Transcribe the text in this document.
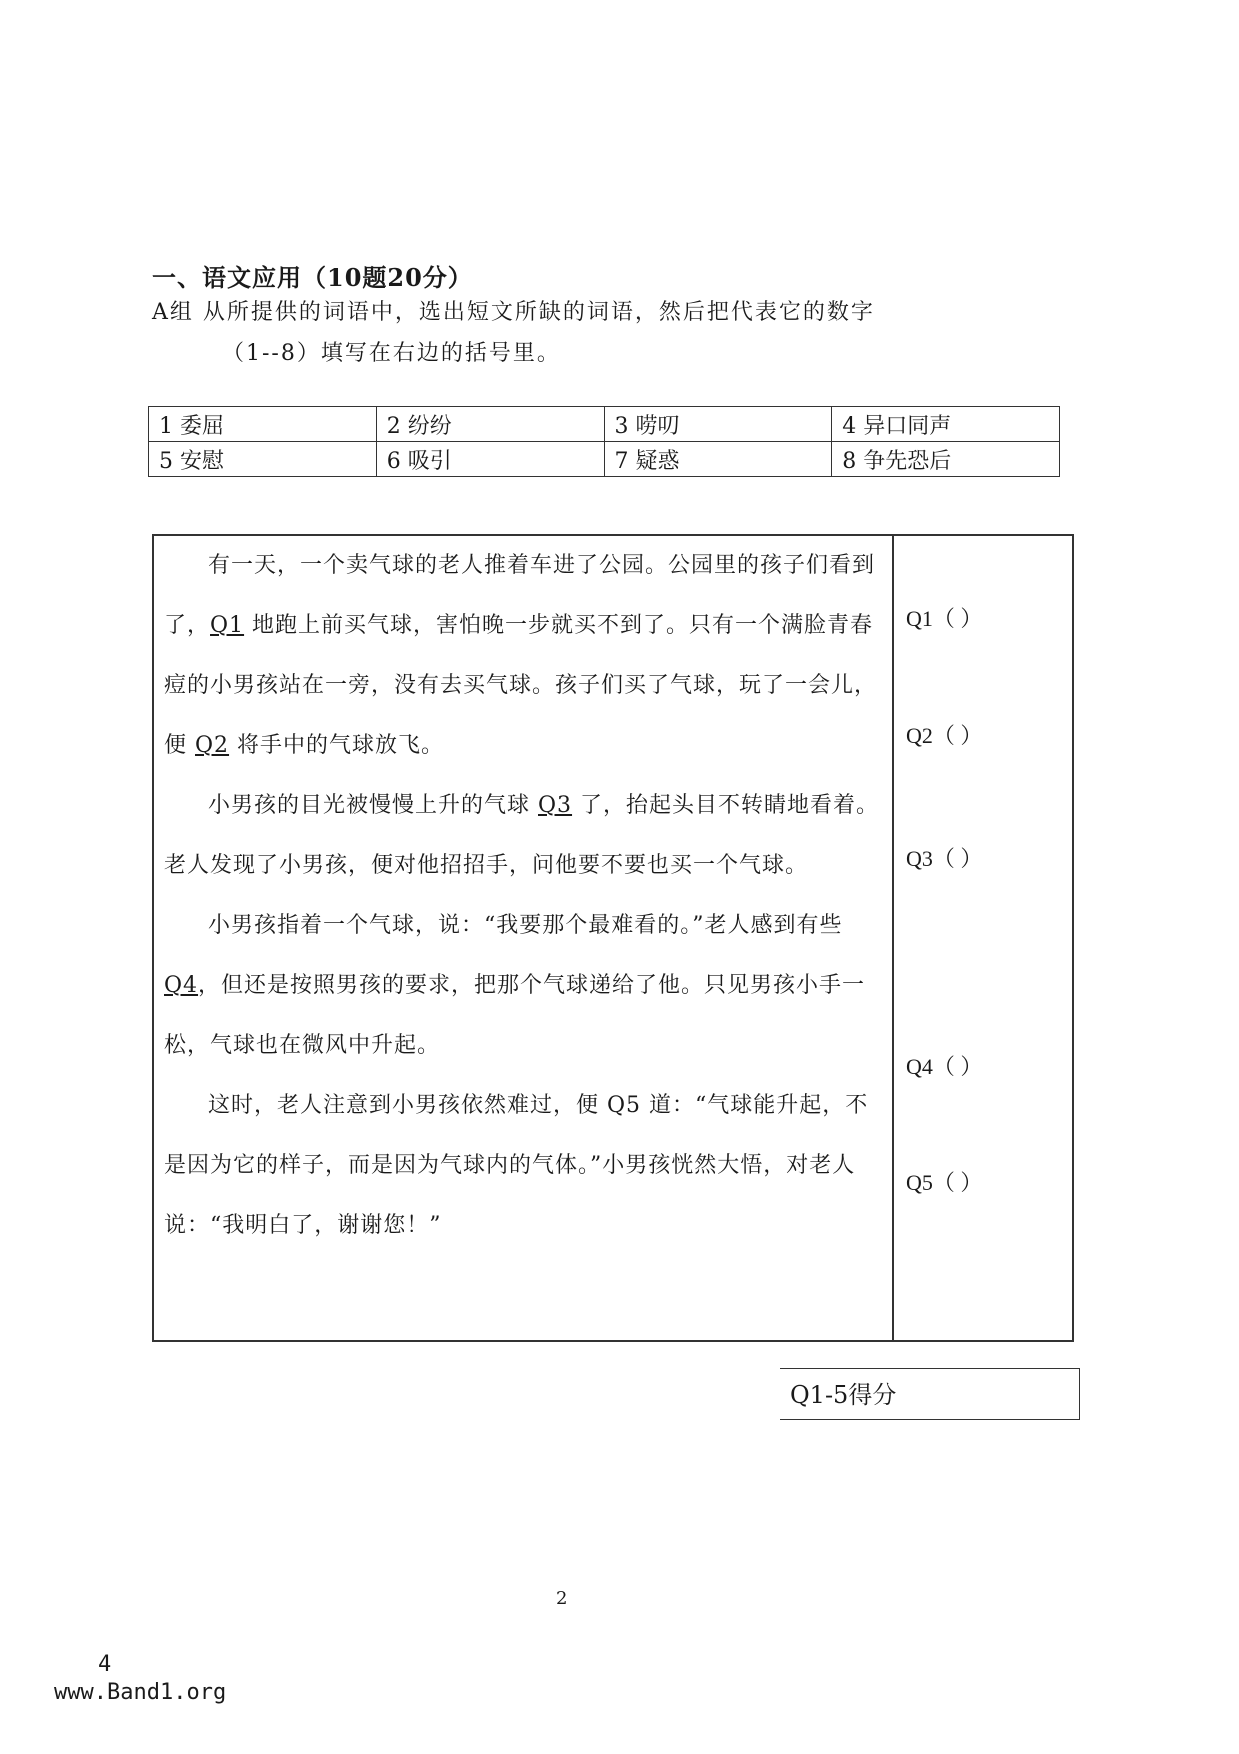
一、语文应用（10题20分）
A组 从所提供的词语中，选出短文所缺的词语，然后把代表它的数字
（1--8）填写在右边的括号里。
1 委屈	2 纷纷	3 唠叨	4 异口同声
5 安慰	6 吸引	7 疑惑	8 争先恐后

有一天，一个卖气球的老人推着车进了公园。公园里的孩子们看到了，Q1 地跑上前买气球，害怕晚一步就买不到了。只有一个满脸青春痘的小男孩站在一旁，没有去买气球。孩子们买了气球，玩了一会儿，便 Q2 将手中的气球放飞。

小男孩的目光被慢慢上升的气球 Q3 了，抬起头目不转睛地看着。老人发现了小男孩，便对他招招手，问他要不要也买一个气球。

小男孩指着一个气球，说：“我要那个最难看的。”老人感到有些 Q4，但还是按照男孩的要求，把那个气球递给了他。只见男孩小手一松，气球也在微风中升起。

这时，老人注意到小男孩依然难过，便 Q5 道：“气球能升起，不是因为它的样子，而是因为气球内的气体。”小男孩恍然大悟，对老人说：“我明白了，谢谢您！”

Q1（ ）
Q2（ ）
Q3（ ）
Q4（ ）
Q5（ ）
Q1-5得分
2
4
www.Band1.org
